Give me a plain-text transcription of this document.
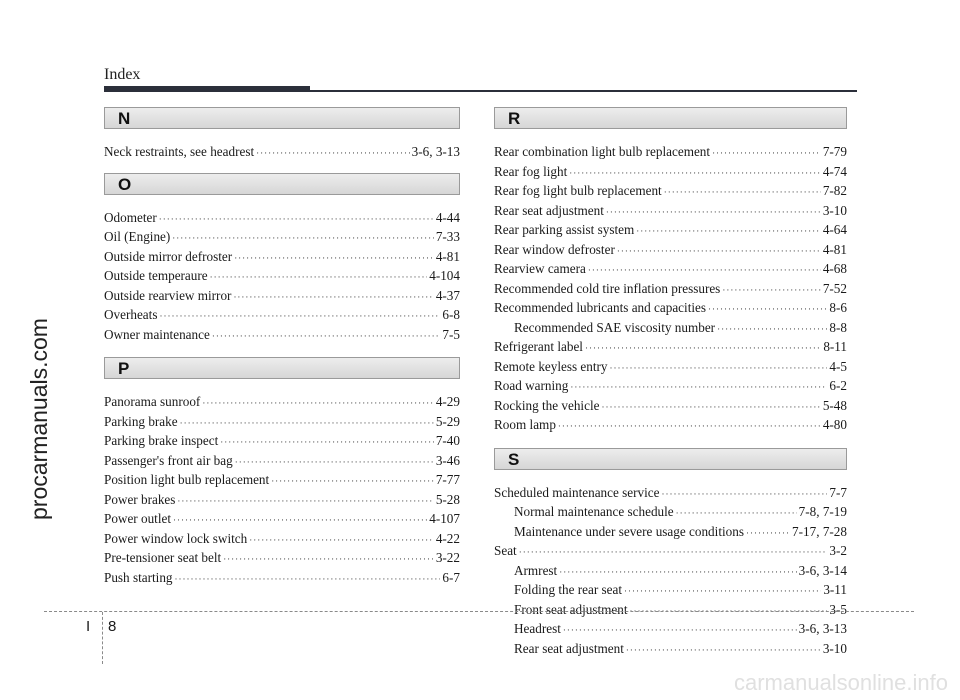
Index
procarmanuals.com
N
Neck restraints, see headrest ·····	3-6, 3-13
O
Odometer ·····	4-44
Oil (Engine) ·····	7-33
Outside mirror defroster ·····	4-81
Outside temperaure ·····	4-104
Outside rearview mirror ·····	4-37
Overheats ·····	6-8
Owner maintenance ·····	7-5
P
Panorama sunroof ·····	4-29
Parking brake ·····	5-29
Parking brake inspect ·····	7-40
Passenger's front air bag ·····	3-46
Position light bulb replacement ·····	7-77
Power brakes ·····	5-28
Power outlet ·····	4-107
Power window lock switch ·····	4-22
Pre-tensioner seat belt ·····	3-22
Push starting ·····	6-7
R
Rear combination light bulb replacement ·····	7-79
Rear fog light ·····	4-74
Rear fog light bulb replacement ·····	7-82
Rear seat adjustment ·····	3-10
Rear parking assist system ·····	4-64
Rear window defroster ·····	4-81
Rearview camera ·····	4-68
Recommended cold tire inflation pressures ·····	7-52
Recommended lubricants and capacities ·····	8-6
Recommended SAE viscosity number ·····	8-8
Refrigerant label ·····	8-11
Remote keyless entry ·····	4-5
Road warning ·····	6-2
Rocking the vehicle ·····	5-48
Room lamp ·····	4-80
S
Scheduled maintenance service ·····	7-7
Normal maintenance schedule ·····	7-8, 7-19
Maintenance under severe usage conditions ·····	7-17, 7-28
Seat ·····	3-2
Armrest ·····	3-6, 3-14
Folding the rear seat ·····	3-11
Front seat adjustment ·····	3-5
Headrest ·····	3-6, 3-13
Rear seat adjustment ·····	3-10
I 8
carmanualsonline.info
